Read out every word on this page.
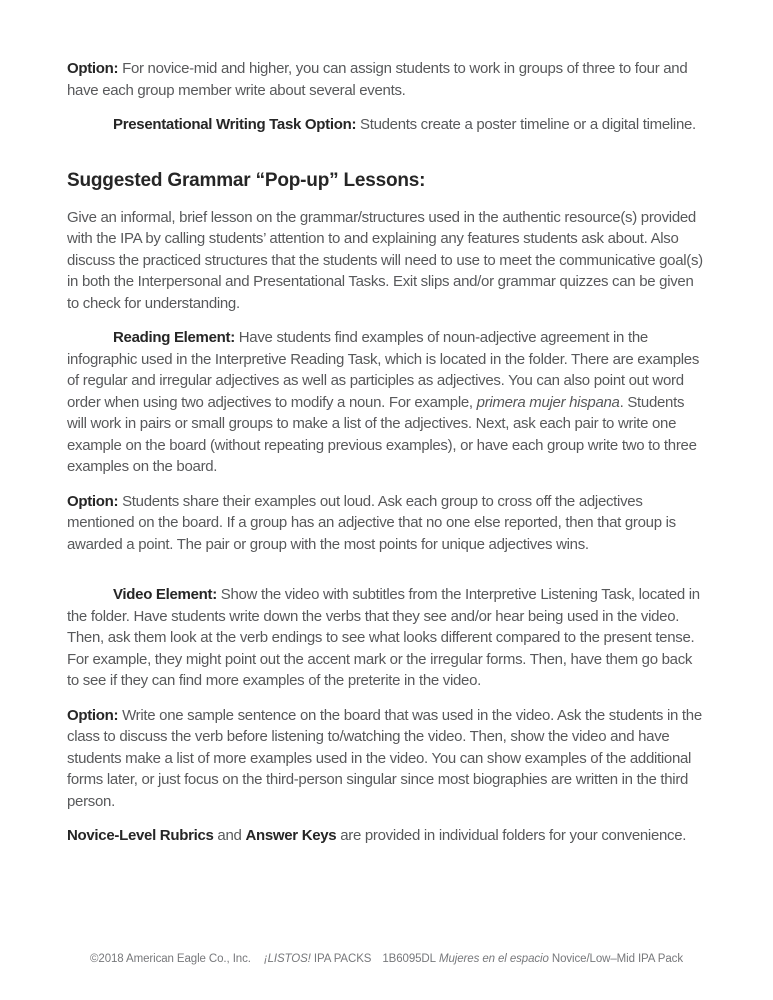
Option: For novice-mid and higher, you can assign students to work in groups of three to four and have each group member write about several events.

Presentational Writing Task Option: Students create a poster timeline or a digital timeline.

Suggested Grammar “Pop-up” Lessons:

Give an informal, brief lesson on the grammar/structures used in the authentic resource(s) provided with the IPA by calling students’ attention to and explaining any features students ask about. Also discuss the practiced structures that the students will need to use to meet the communicative goal(s) in both the Interpersonal and Presentational Tasks. Exit slips and/or grammar quizzes can be given to check for understanding.

Reading Element: Have students find examples of noun-adjective agreement in the infographic used in the Interpretive Reading Task, which is located in the folder. There are examples of regular and irregular adjectives as well as participles as adjectives. You can also point out word order when using two adjectives to modify a noun. For example, primera mujer hispana. Students will work in pairs or small groups to make a list of the adjectives. Next, ask each pair to write one example on the board (without repeating previous examples), or have each group write two to three examples on the board.

Option: Students share their examples out loud. Ask each group to cross off the adjectives mentioned on the board. If a group has an adjective that no one else reported, then that group is awarded a point. The pair or group with the most points for unique adjectives wins.

Video Element: Show the video with subtitles from the Interpretive Listening Task, located in the folder. Have students write down the verbs that they see and/or hear being used in the video. Then, ask them look at the verb endings to see what looks different compared to the present tense. For example, they might point out the accent mark or the irregular forms. Then, have them go back to see if they can find more examples of the preterite in the video.

Option: Write one sample sentence on the board that was used in the video. Ask the students in the class to discuss the verb before listening to/watching the video. Then, show the video and have students make a list of more examples used in the video. You can show examples of the additional forms later, or just focus on the third-person singular since most biographies are written in the third person.

Novice-Level Rubrics and Answer Keys are provided in individual folders for your convenience.

©2018 American Eagle Co., Inc. ¡LISTOS! IPA PACKS 1B6095DL Mujeres en el espacio Novice/Low–Mid IPA Pack
